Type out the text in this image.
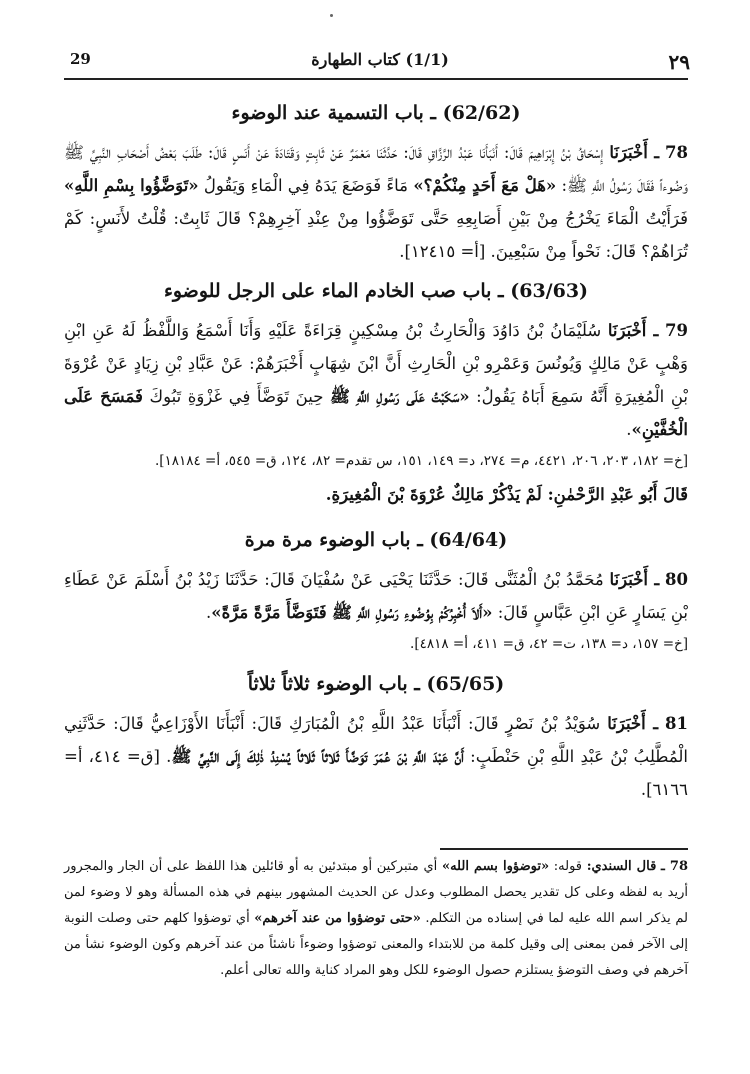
٢٩
(1/1) كتاب الطهارة
29
(62/62) ـ باب التسمية عند الوضوء

78 ـ أَخْبَرَنَا إِسْحَاقُ بْنُ إِبْرَاهِيمَ قَالَ: أَنْبَأَنَا عَبْدُ الرَّزَّاقِ قَالَ: حَدَّثَنَا مَعْمَرٌ عَنْ ثَابِتٍ وَقَتَادَةَ عَنْ أَنَسٍ قَالَ: طَلَبَ بَعْضُ أَصْحَابِ النَّبِيِّ ﷺ وَضُوءاً فَقَالَ رَسُولُ اللَّهِ ﷺ: «هَلْ مَعَ أَحَدٍ مِنْكُمْ؟» مَاءً فَوَضَعَ يَدَهُ فِي الْمَاءِ وَيَقُولُ «تَوَضَّؤُوا بِسْمِ اللَّهِ» فَرَأَيْتُ الْمَاءَ يَخْرُجُ مِنْ بَيْنِ أَصَابِعِهِ حَتَّى تَوَضَّؤُوا مِنْ عِنْدِ آخِرِهِمْ؟ قَالَ ثَابِتٌ: قُلْتُ لأَنَسٍ: كَمْ تُرَاهُمْ؟ قَالَ: نَحْواً مِنْ سَبْعِينَ. [أ= ١٢٤١٥].

(63/63) ـ باب صب الخادم الماء على الرجل للوضوء

79 ـ أَخْبَرَنَا سُلَيْمَانُ بْنُ دَاوُدَ وَالْحَارِثُ بْنُ مِسْكِينٍ قِرَاءَةً عَلَيْهِ وَأَنَا أَسْمَعُ وَاللَّفْظُ لَهُ عَنِ ابْنِ وَهْبٍ عَنْ مَالِكٍ وَيُونُسَ وَعَمْرِو بْنِ الْحَارِثِ أَنَّ ابْنَ شِهَابٍ أَخْبَرَهُمْ: عَنْ عَبَّادِ بْنِ زِيَادٍ عَنْ عُرْوَةَ بْنِ الْمُغِيرَةِ أَنَّهُ سَمِعَ أَبَاهُ يَقُولُ: «سَكَبْتُ عَلَى رَسُولِ اللَّهِ ﷺ حِينَ تَوَضَّأَ فِي غَزْوَةِ تَبُوكَ فَمَسَحَ عَلَى الْخُفَّيْنِ».

[خ= ١٨٢، ٢٠٣، ٢٠٦، ٤٤٢١، م= ٢٧٤، د= ١٤٩، ١٥١، س تقدم= ٨٢، ١٢٤، ق= ٥٤٥، أ= ١٨١٨٤].
قَالَ أَبُو عَبْدِ الرَّحْمٰنِ: لَمْ يَذْكُرْ مَالِكٌ عُرْوَةَ بْنَ الْمُغِيرَةِ.
(64/64) ـ باب الوضوء مرة مرة

80 ـ أَخْبَرَنَا مُحَمَّدُ بْنُ الْمُثَنَّى قَالَ: حَدَّثَنَا يَحْيَى عَنْ سُفْيَانَ قَالَ: حَدَّثَنَا زَيْدُ بْنُ أَسْلَمَ عَنْ عَطَاءِ بْنِ يَسَارٍ عَنِ ابْنِ عَبَّاسٍ قَالَ: «أَلاَ أُخْبِرُكُمْ بِوُضُوءِ رَسُولِ اللَّهِ ﷺ فَتَوَضَّأَ مَرَّةً مَرَّةً».

[خ= ١٥٧، د= ١٣٨، ت= ٤٢، ق= ٤١١، أ= ٤٨١٨].
(65/65) ـ باب الوضوء ثلاثاً ثلاثاً

81 ـ أَخْبَرَنَا سُوَيْدُ بْنُ نَصْرٍ قَالَ: أَنْبَأَنَا عَبْدُ اللَّهِ بْنُ الْمُبَارَكِ قَالَ: أَنْبَأَنَا الأَوْزَاعِيُّ قَالَ: حَدَّثَنِي الْمُطَّلِبُ بْنُ عَبْدِ اللَّهِ بْنِ حَنْطَبٍ: أَنَّ عَبْدَ اللَّهِ بْنَ عُمَرَ تَوَضَّأَ ثَلاثاً ثَلاثاً يُسْنِدُ ذٰلِكَ إِلَى النَّبِيِّ ﷺ. [ق= ٤١٤، أ= ٦١٦٦].

78 ـ قال السندي: قوله: «توضؤوا بسم الله» أي متبركين أو مبتدئين به أو قائلين هذا اللفظ على أن الجار والمجرور أريد به لفظه وعلى كل تقدير يحصل المطلوب وعدل عن الحديث المشهور بينهم في هذه المسألة وهو لا وضوء لمن لم يذكر اسم الله عليه لما في إسناده من التكلم. «حتى توضؤوا من عند آخرهم» أي توضؤوا كلهم حتى وصلت النوبة إلى الآخر فمن بمعنى إلى وقيل كلمة من للابتداء والمعنى توضؤوا وضوءاً ناشئاً من عند آخرهم وكون الوضوء نشأ من آخرهم في وصف التوضؤ يستلزم حصول الوضوء للكل وهو المراد كناية والله تعالى أعلم.
